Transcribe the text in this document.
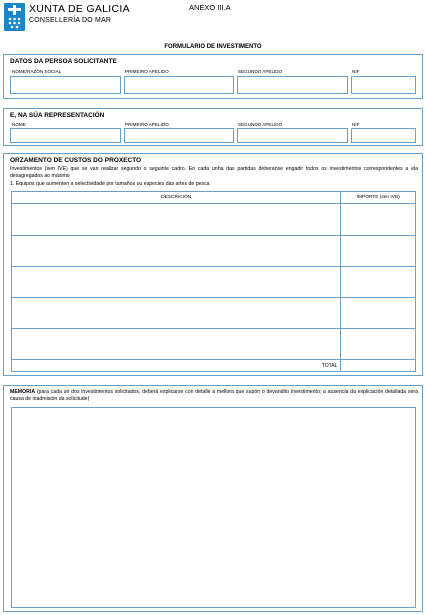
XUNTA DE GALICIA
CONSELLERÍA DO MAR
ANEXO III.A
FORMULARIO DE INVESTIMENTO
DATOS DA PERSOA SOLICITANTE
NOME/RAZÓN SOCIAL	PRIMEIRO APELIDO	SEGUNDO APELIDO	NIF
E, NA SÚA REPRESENTACIÓN
NOME	PRIMEIRO APELIDO	SEGUNDO APELIDO	NIF
ORZAMENTO DE CUSTOS DO PROXECTO
Investimentos (sen IVE) que se van realizar segundo o seguinte cadro. En cada unha das partidas deberanse engadir todos os investimentos correspondentes a ela desagregados ao máximo
1. Equipos que aumenten a selectividade por tamaños ou especies das artes de pesca
DESCRICIÓN	IMPORTE (sen IVE)

TOTAL	
MEMORIA (para cada un dos investimentos solicitados, deberá explicarse con detalle a mellora que supón o devandito investimento; a ausencia da explicación detallada será causa de inadmisión da solicitude)
